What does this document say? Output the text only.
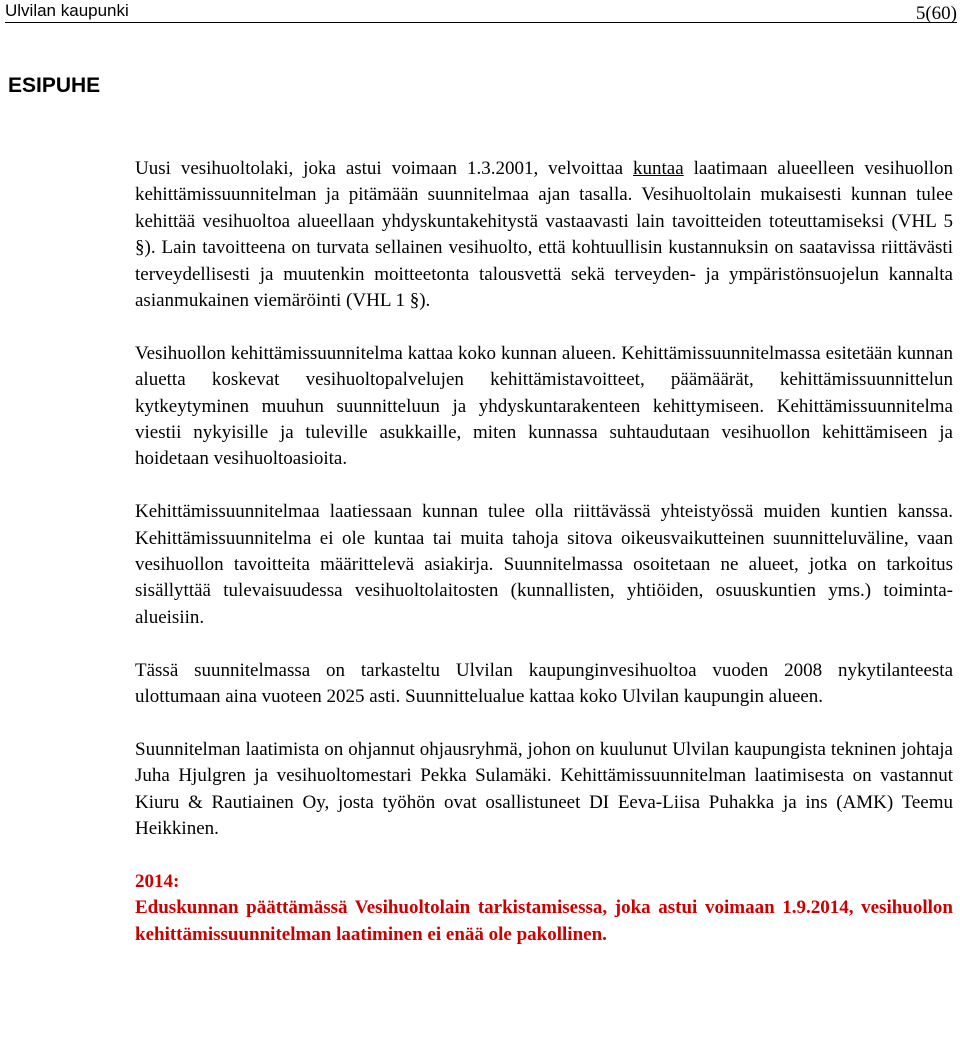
Ulvilan kaupunki	5(60)
ESIPUHE

Uusi vesihuoltolaki, joka astui voimaan 1.3.2001, velvoittaa kuntaa laatimaan alueelleen vesihuollon kehittämissuunnitelman ja pitämään suunnitelmaa ajan tasalla. Vesihuoltolain mukaisesti kunnan tulee kehittää vesihuoltoa alueellaan yhdyskuntakehitystä vastaavasti lain tavoitteiden toteuttamiseksi (VHL 5 §). Lain tavoitteena on turvata sellainen vesihuolto, että kohtuullisin kustannuksin on saatavissa riittävästi terveydellisesti ja muutenkin moitteetonta talousvettä sekä terveyden- ja ympäristönsuojelun kannalta asianmukainen viemäröinti (VHL 1 §).

Vesihuollon kehittämissuunnitelma kattaa koko kunnan alueen. Kehittämissuunnitelmassa esitetään kunnan aluetta koskevat vesihuoltopalvelujen kehittämistavoitteet, päämäärät, kehittämissuunnittelun kytkeytyminen muuhun suunnitteluun ja yhdyskuntarakenteen kehittymiseen. Kehittämissuunnitelma viestii nykyisille ja tuleville asukkaille, miten kunnassa suhtaudutaan vesihuollon kehittämiseen ja hoidetaan vesihuoltoasioita.

Kehittämissuunnitelmaa laatiessaan kunnan tulee olla riittävässä yhteistyössä muiden kuntien kanssa. Kehittämissuunnitelma ei ole kuntaa tai muita tahoja sitova oikeusvaikutteinen suunnitteluväline, vaan vesihuollon tavoitteita määrittelevä asiakirja. Suunnitelmassa osoitetaan ne alueet, jotka on tarkoitus sisällyttää tulevaisuudessa vesihuoltolaitosten (kunnallisten, yhtiöiden, osuuskuntien yms.) toiminta-alueisiin.

Tässä suunnitelmassa on tarkasteltu Ulvilan kaupunginvesihuoltoa vuoden 2008 nykytilanteesta ulottumaan aina vuoteen 2025 asti. Suunnittelualue kattaa koko Ulvilan kaupungin alueen.

Suunnitelman laatimista on ohjannut ohjausryhmä, johon on kuulunut Ulvilan kaupungista tekninen johtaja Juha Hjulgren ja vesihuoltomestari Pekka Sulamäki. Kehittämissuunnitelman laatimisesta on vastannut Kiuru & Rautiainen Oy, josta työhön ovat osallistuneet DI Eeva-Liisa Puhakka ja ins (AMK) Teemu Heikkinen.

2014:

Eduskunnan päättämässä Vesihuoltolain tarkistamisessa, joka astui voimaan 1.9.2014, vesihuollon kehittämissuunnitelman laatiminen ei enää ole pakollinen.
